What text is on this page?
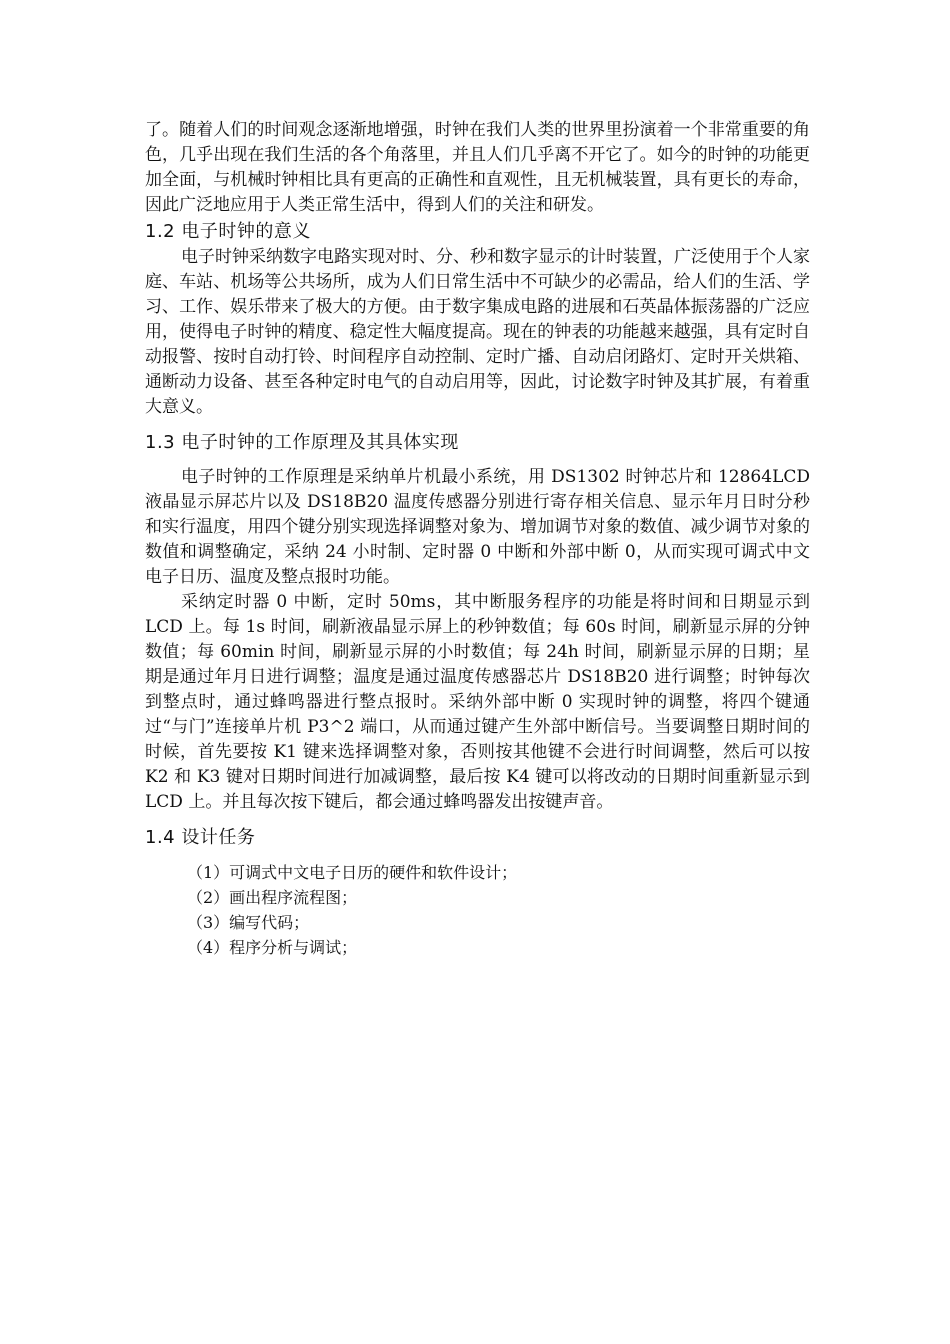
了。随着人们的时间观念逐渐地增强，时钟在我们人类的世界里扮演着一个非常重要的角色，几乎出现在我们生活的各个角落里，并且人们几乎离不开它了。如今的时钟的功能更加全面，与机械时钟相比具有更高的正确性和直观性，且无机械装置，具有更长的寿命，因此广泛地应用于人类正常生活中，得到人们的关注和研发。

1.2 电子时钟的意义

电子时钟采纳数字电路实现对时、分、秒和数字显示的计时装置，广泛使用于个人家庭、车站、机场等公共场所，成为人们日常生活中不可缺少的必需品，给人们的生活、学习、工作、娱乐带来了极大的方便。由于数字集成电路的进展和石英晶体振荡器的广泛应用，使得电子时钟的精度、稳定性大幅度提高。现在的钟表的功能越来越强，具有定时自动报警、按时自动打铃、时间程序自动控制、定时广播、自动启闭路灯、定时开关烘箱、通断动力设备、甚至各种定时电气的自动启用等，因此，讨论数字时钟及其扩展，有着重大意义。

1.3 电子时钟的工作原理及其具体实现

电子时钟的工作原理是采纳单片机最小系统，用 DS1302 时钟芯片和 12864LCD 液晶显示屏芯片以及 DS18B20 温度传感器分别进行寄存相关信息、显示年月日时分秒和实行温度，用四个键分别实现选择调整对象为、增加调节对象的数值、减少调节对象的数值和调整确定，采纳 24 小时制、定时器 0 中断和外部中断 0，从而实现可调式中文电子日历、温度及整点报时功能。

采纳定时器 0 中断，定时 50ms，其中断服务程序的功能是将时间和日期显示到 LCD 上。每 1s 时间，刷新液晶显示屏上的秒钟数值；每 60s 时间，刷新显示屏的分钟数值；每 60min 时间，刷新显示屏的小时数值；每 24h 时间，刷新显示屏的日期；星期是通过年月日进行调整；温度是通过温度传感器芯片 DS18B20 进行调整；时钟每次到整点时，通过蜂鸣器进行整点报时。采纳外部中断 0 实现时钟的调整，将四个键通过“与门”连接单片机 P3^2 端口，从而通过键产生外部中断信号。当要调整日期时间的时候，首先要按 K1 键来选择调整对象，否则按其他键不会进行时间调整，然后可以按 K2 和 K3 键对日期时间进行加减调整，最后按 K4 键可以将改动的日期时间重新显示到 LCD 上。并且每次按下键后，都会通过蜂鸣器发出按键声音。

1.4 设计任务
（1）可调式中文电子日历的硬件和软件设计；
（2）画出程序流程图；
（3）编写代码；
（4）程序分析与调试；
